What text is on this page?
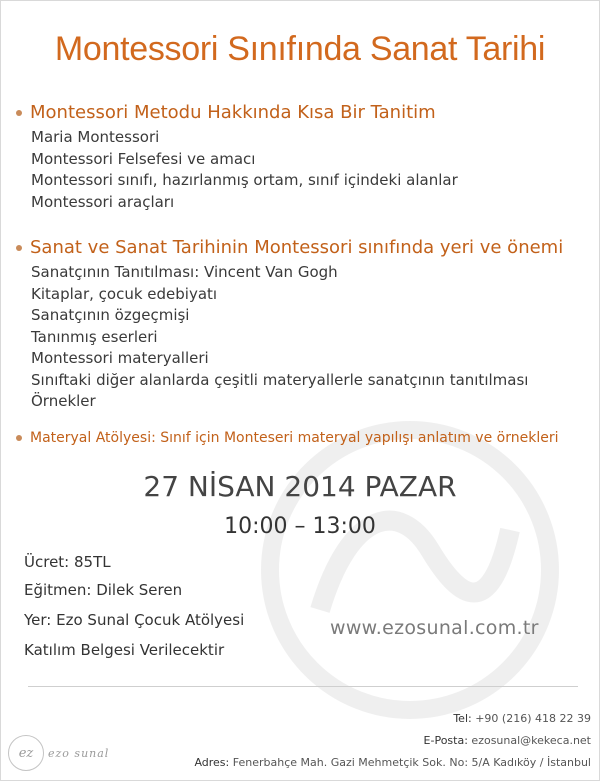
Montessori Sınıfında Sanat Tarihi
Montessori Metodu Hakkında Kısa Bir Tanitim
Maria Montessori
Montessori Felsefesi ve amacı
Montessori sınıfı, hazırlanmış ortam, sınıf içindeki alanlar
Montessori araçları
Sanat ve Sanat Tarihinin Montessori sınıfında yeri ve önemi
Sanatçının Tanıtılması: Vincent Van Gogh
Kitaplar, çocuk edebiyatı
Sanatçının özgeçmişi
Tanınmış eserleri
Montessori materyalleri
Sınıftaki diğer alanlarda çeşitli materyallerle sanatçının tanıtılması
Örnekler
Materyal Atölyesi: Sınıf için Monteseri materyal yapılışı anlatım ve örnekleri
27 NİSAN 2014 PAZAR
10:00 – 13:00
Ücret: 85TL
Eğitmen: Dilek Seren
Yer: Ezo Sunal Çocuk Atölyesi
Katılım Belgesi Verilecektir
www.ezosunal.com.tr
ez	ezo sunal
Tel: +90 (216) 418 22 39
E-Posta: ezosunal@kekeca.net
Adres: Fenerbahçe Mah. Gazi Mehmetçik Sok. No: 5/A Kadıköy / İstanbul
